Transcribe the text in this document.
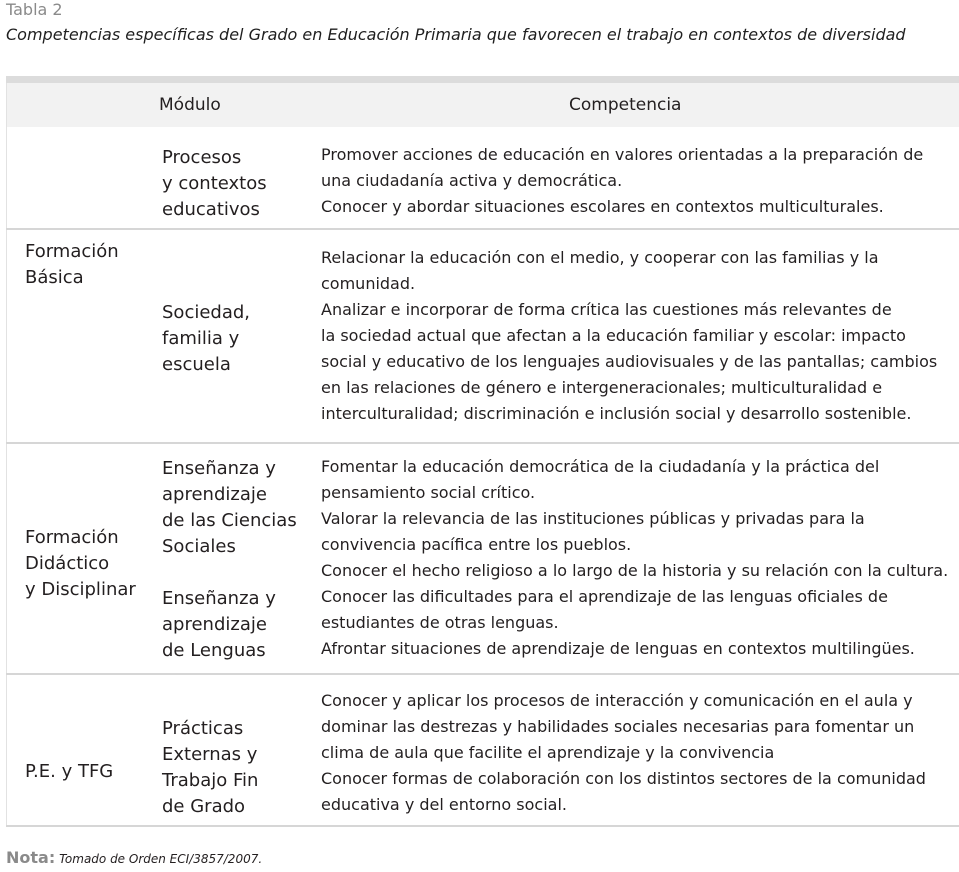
Tabla 2
Competencias específicas del Grado en Educación Primaria que favorecen el trabajo en contextos de diversidad
Módulo	Competencia
Formación
Básica
Formación
Didáctico
y Disciplinar
P.E. y TFG
Procesos
y contextos
educativos
Sociedad,
familia y
escuela
Enseñanza y
aprendizaje
de las Ciencias
Sociales
Enseñanza y
aprendizaje
de Lenguas
Prácticas
Externas y
Trabajo Fin
de Grado
Promover acciones de educación en valores orientadas a la preparación de
una ciudadanía activa y democrática.
Conocer y abordar situaciones escolares en contextos multiculturales.
Relacionar la educación con el medio, y cooperar con las familias y la
comunidad.
Analizar e incorporar de forma crítica las cuestiones más relevantes de
la sociedad actual que afectan a la educación familiar y escolar: impacto
social y educativo de los lenguajes audiovisuales y de las pantallas; cambios
en las relaciones de género e intergeneracionales; multiculturalidad e
interculturalidad; discriminación e inclusión social y desarrollo sostenible.
Fomentar la educación democrática de la ciudadanía y la práctica del
pensamiento social crítico.
Valorar la relevancia de las instituciones públicas y privadas para la
convivencia pacífica entre los pueblos.
Conocer el hecho religioso a lo largo de la historia y su relación con la cultura.
Conocer las dificultades para el aprendizaje de las lenguas oficiales de
estudiantes de otras lenguas.
Afrontar situaciones de aprendizaje de lenguas en contextos multilingües.
Conocer y aplicar los procesos de interacción y comunicación en el aula y
dominar las destrezas y habilidades sociales necesarias para fomentar un
clima de aula que facilite el aprendizaje y la convivencia
Conocer formas de colaboración con los distintos sectores de la comunidad
educativa y del entorno social.
Nota: Tomado de Orden ECI/3857/2007.
